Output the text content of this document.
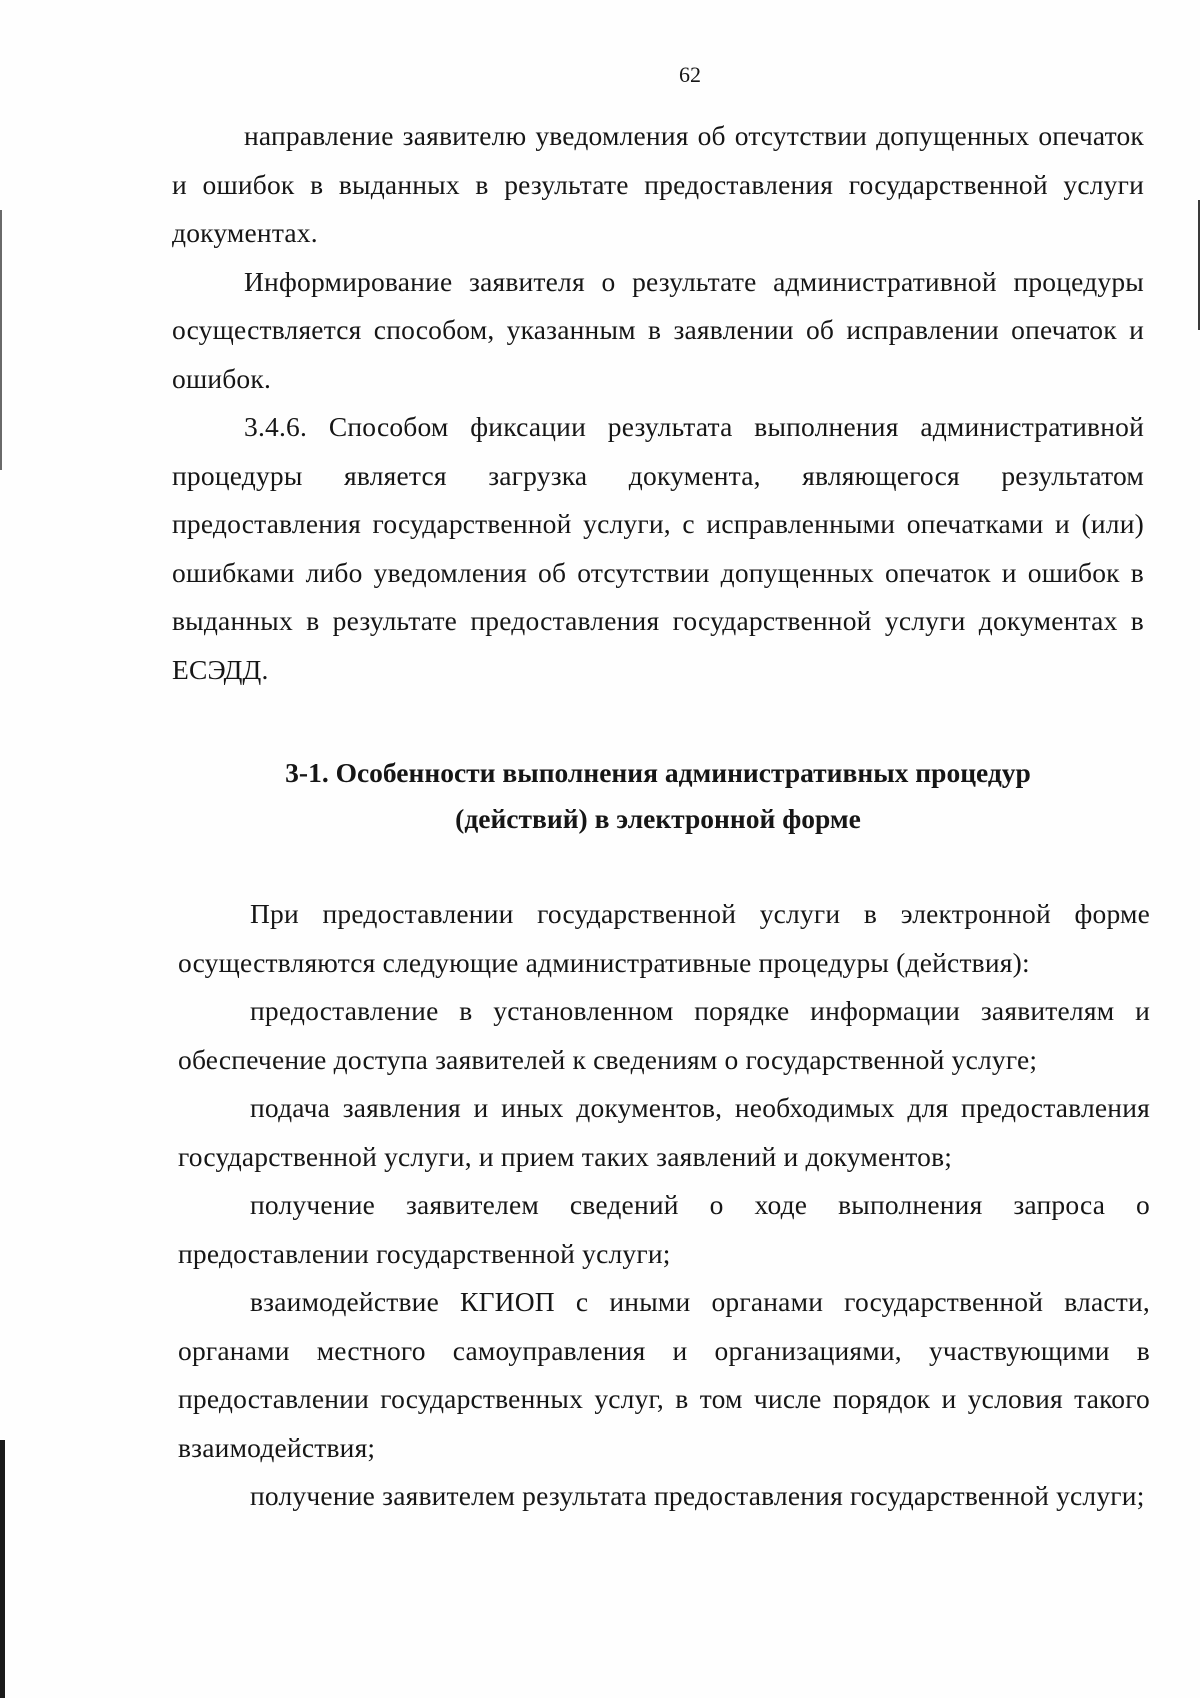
62

направление заявителю уведомления об отсутствии допущенных опечаток и ошибок в выданных в результате предоставления государственной услуги документах.

Информирование заявителя о результате административной процедуры осуществляется способом, указанным в заявлении об исправлении опечаток и ошибок.

3.4.6. Способом фиксации результата выполнения административной процедуры является загрузка документа, являющегося результатом предоставления государственной услуги, с исправленными опечатками и (или) ошибками либо уведомления об отсутствии допущенных опечаток и ошибок в выданных в результате предоставления государственной услуги документах в ЕСЭДД.

3-1. Особенности выполнения административных процедур
(действий) в электронной форме

При предоставлении государственной услуги в электронной форме осуществляются следующие административные процедуры (действия):

предоставление в установленном порядке информации заявителям и обеспечение доступа заявителей к сведениям о государственной услуге;

подача заявления и иных документов, необходимых для предоставления государственной услуги, и прием таких заявлений и документов;

получение заявителем сведений о ходе выполнения запроса о предоставлении государственной услуги;

взаимодействие КГИОП с иными органами государственной власти, органами местного самоуправления и организациями, участвующими в предоставлении государственных услуг, в том числе порядок и условия такого взаимодействия;

получение заявителем результата предоставления государственной услуги;
